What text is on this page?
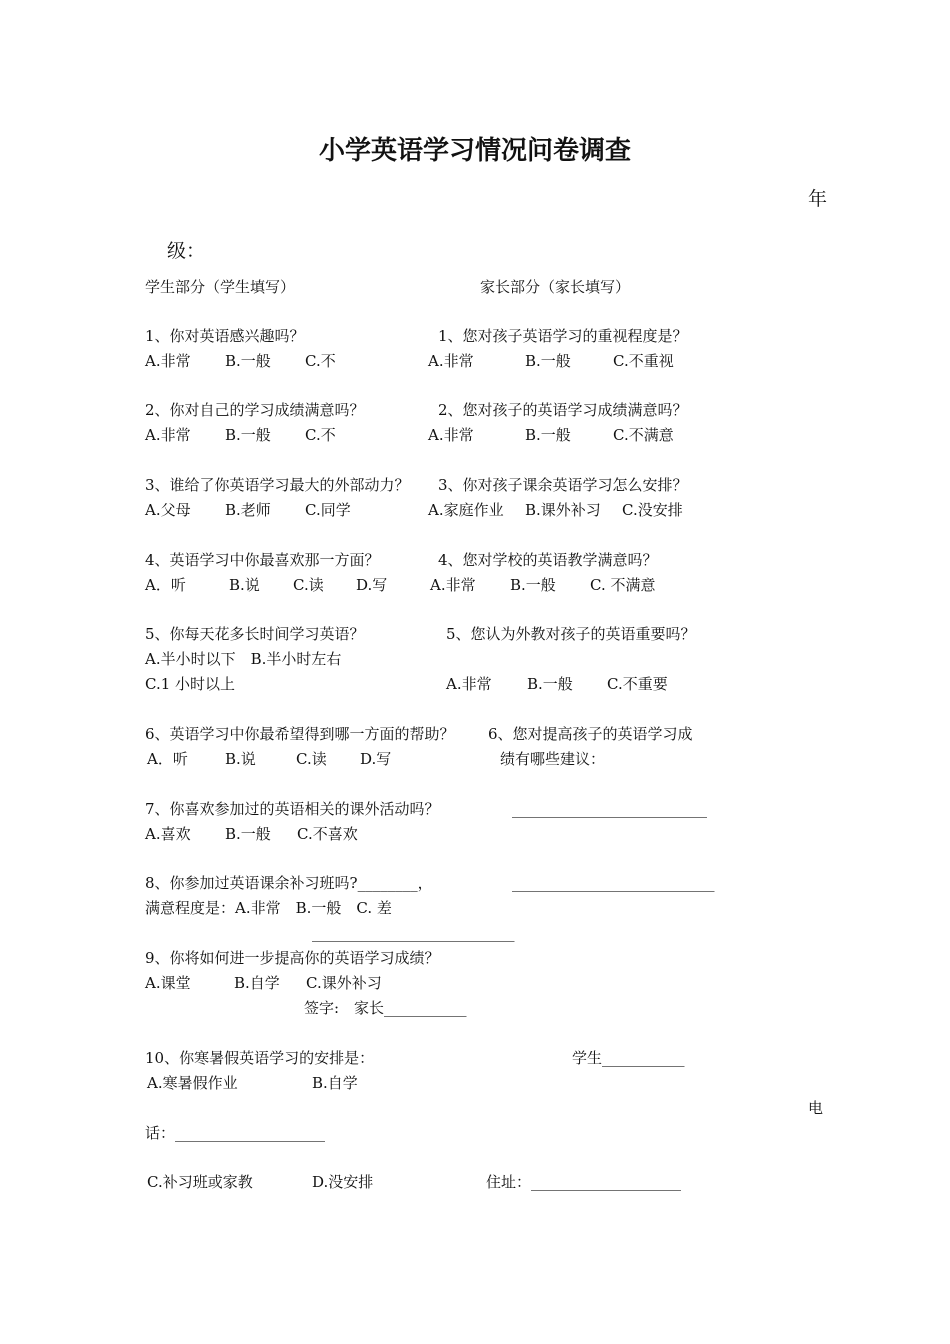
小学英语学习情况问卷调查
年
级：
学生部分（学生填写）	家长部分（家长填写）
1、你对英语感兴趣吗？	1、您对孩子英语学习的重视程度是？
A.非常 B.一般 C.不	A.非常	B.一般	C.不重视
2、你对自己的学习成绩满意吗？	2、您对孩子的英语学习成绩满意吗？
A.非常 B.一般 C.不	A.非常	B.一般	C.不满意
3、谁给了你英语学习最大的外部动力？ 3、你对孩子课余英语学习怎么安排？
A.父母 B.老师 C.同学	A.家庭作业 B.课外补习 C.没安排
4、英语学习中你最喜欢那一方面？	4、您对学校的英语教学满意吗？
A．听	B.说 C.读 D.写	A.非常 B.一般 C. 不满意
5、你每天花多长时间学习英语？	5、您认为外教对孩子的英语重要吗？
A.半小时以下　B.半小时左右
C.1 小时以上	A.非常 B.一般 C.不重要
6、英语学习中你最希望得到哪一方面的帮助？ 6、您对提高孩子的英语学习成
A．听 B.说	C.读 D.写	绩有哪些建议：
7、你喜欢参加过的英语相关的课外活动吗？	__________________________
A.喜欢 B.一般 C.不喜欢
8、你参加过英语课余补习班吗?________，	___________________________
满意程度是：A.非常　B.一般　C. 差
___________________________
9、你将如何进一步提高你的英语学习成绩？
A.课堂	B.自学 C.课外补习
签字:　家长___________
10、你寒暑假英语学习的安排是：	学生___________
A.寒暑假作业	B.自学
电
话：____________________
C.补习班或家教	D.没安排	住址：____________________
